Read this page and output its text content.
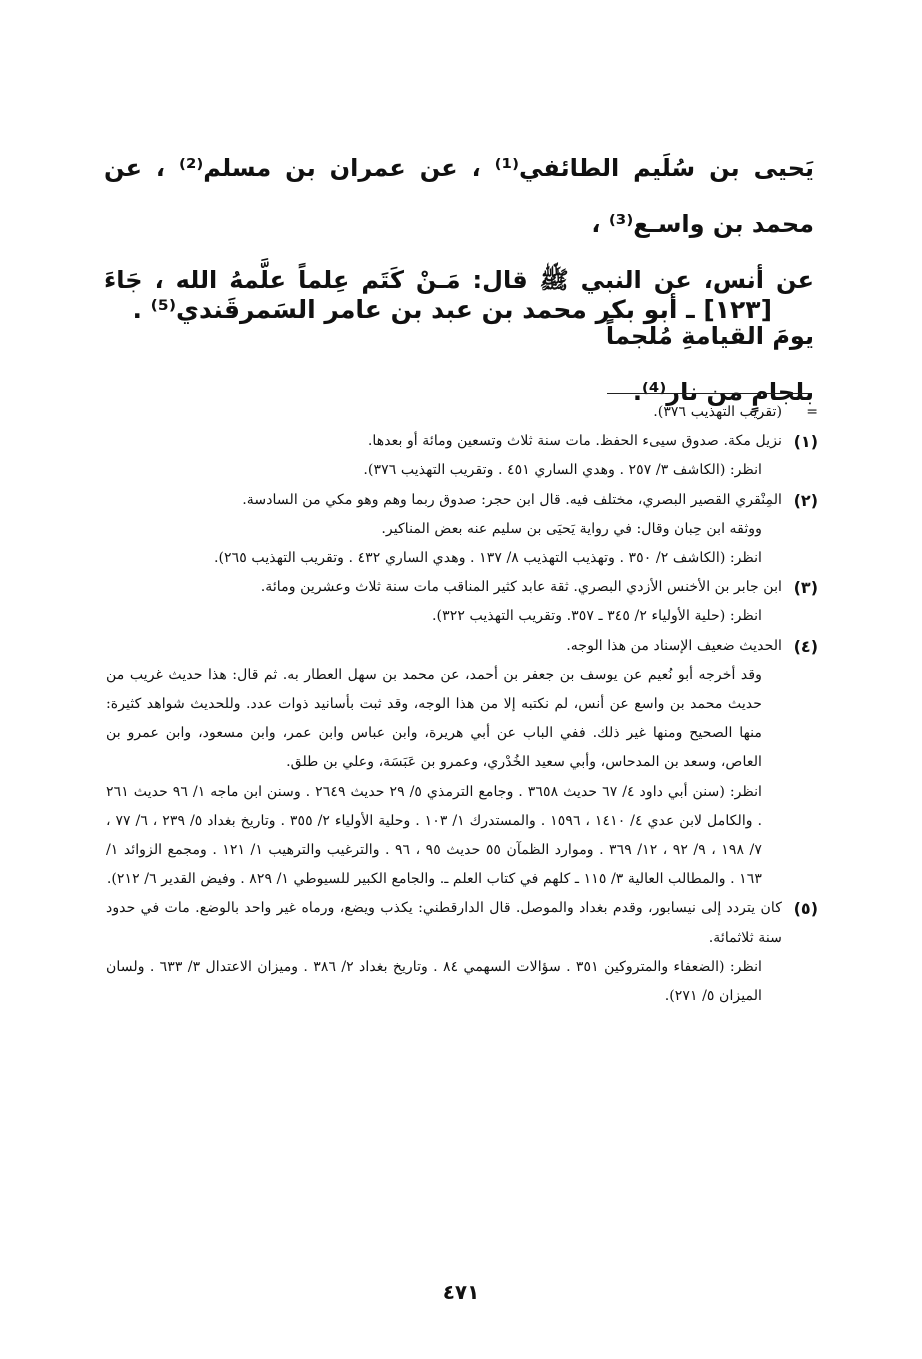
يَحيى بن سُلَيم الطائفي⁽¹⁾ ، عن عمران بن مسلم⁽²⁾ ، عن محمد بن واسـع⁽³⁾ ،

عن أنس، عن النبي ﷺ قال: مَـنْ كَتَم عِلماً علَّمهُ الله ، جَاءَ يومَ القيامةِ مُلجماً

بلجامٍ من نار⁽⁴⁾.

[١٢٣] ـ أبو بكر محمد بن عبد بن عامر السَمرقَندي⁽⁵⁾ .
=

(تقريب التهذيب ٣٧٦).

(١)

نزيل مكة. صدوق سيىء الحفظ. مات سنة ثلاث وتسعين ومائة أو بعدها.

انظر: (الكاشف ٣/ ٢٥٧ . وهدي الساري ٤٥١ . وتقريب التهذيب ٣٧٦).

(٢)

المِنْقري القصير البصري، مختلف فيه. قال ابن حجر: صدوق ربما وهم وهو مكي من السادسة.

ووثقه ابن حِبان وقال: في رواية يَحيَى بن سليم عنه بعض المناكير.

انظر: (الكاشف ٢/ ٣٥٠ . وتهذيب التهذيب ٨/ ١٣٧ . وهدي الساري ٤٣٢ . وتقريب التهذيب ٢٦٥).

(٣)

ابن جابر بن الأخنس الأزدي البصري. ثقة عابد كثير المناقب مات سنة ثلاث وعشرين ومائة.

انظر: (حلية الأولياء ٢/ ٣٤٥ ـ ٣٥٧. وتقريب التهذيب ٣٢٢).

(٤)

الحديث ضعيف الإسناد من هذا الوجه.

وقد أخرجه أبو نُعيم عن يوسف بن جعفر بن أحمد، عن محمد بن سهل العطار به. ثم قال: هذا حديث غريب من حديث محمد بن واسع عن أنس، لم نكتبه إلا من هذا الوجه، وقد ثبت بأسانيد ذوات عدد. وللحديث شواهد كثيرة: منها الصحيح ومنها غير ذلك. ففي الباب عن أبي هريرة، وابن عباس وابن عمر، وابن مسعود، وابن عمرو بن العاص، وسعد بن المدحاس، وأبي سعيد الخُدْري، وعمرو بن عَبَسَة، وعلي بن طلق.

انظر: (سنن أبي داود ٤/ ٦٧ حديث ٣٦٥٨ . وجامع الترمذي ٥/ ٢٩ حديث ٢٦٤٩ . وسنن ابن ماجه ١/ ٩٦ حديث ٢٦١ . والكامل لابن عدي ٤/ ١٤١٠ ، ١٥٩٦ . والمستدرك ١/ ١٠٣ . وحلية الأولياء ٢/ ٣٥٥ . وتاريخ بغداد ٥/ ٢٣٩ ، ٦/ ٧٧ ، ٧/ ١٩٨ ، ٩/ ٩٢ ، ١٢/ ٣٦٩ . وموارد الظمآن ٥٥ حديث ٩٥ ، ٩٦ . والترغيب والترهيب ١/ ١٢١ . ومجمع الزوائد ١/ ١٦٣ . والمطالب العالية ٣/ ١١٥ ـ كلهم في كتاب العلم ـ. والجامع الكبير للسيوطي ١/ ٨٢٩ . وفيض القدير ٦/ ٢١٢).

(٥)

كان يتردد إلى نيسابور، وقدم بغداد والموصل. قال الدارقطني: يكذب ويضع، ورماه غير واحد بالوضع. مات في حدود سنة ثلاثمائة.

انظر: (الضعفاء والمتروكين ٣٥١ . سؤالات السهمي ٨٤ . وتاريخ بغداد ٢/ ٣٨٦ . وميزان الاعتدال ٣/ ٦٣٣ . ولسان الميزان ٥/ ٢٧١).

٤٧١
